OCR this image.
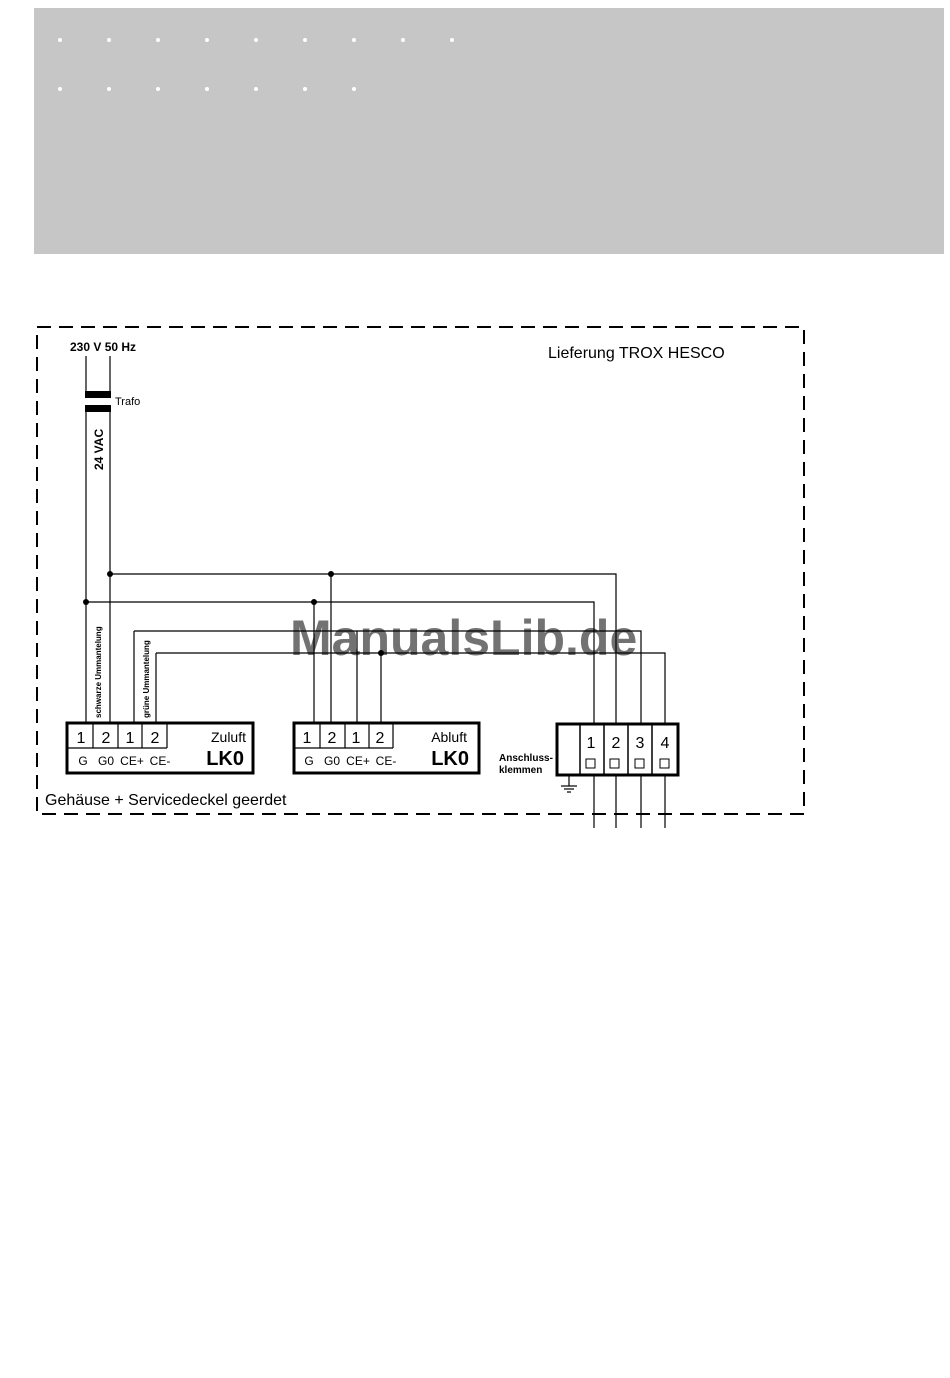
230 V 50 Hz	Lieferung TROX HESCO
Trafo
24 VAC
schwarze Ummantelung	grüne Ummantelung
1 2 1 2
G G0 CE+ CE-
Zuluft
LK0
1 2 1 2
G G0 CE+ CE-
Abluft
LK0	Anschluss-
klemmen
1 2 3 4
Gehäuse + Servicedeckel geerdet
ManualsLib.de
